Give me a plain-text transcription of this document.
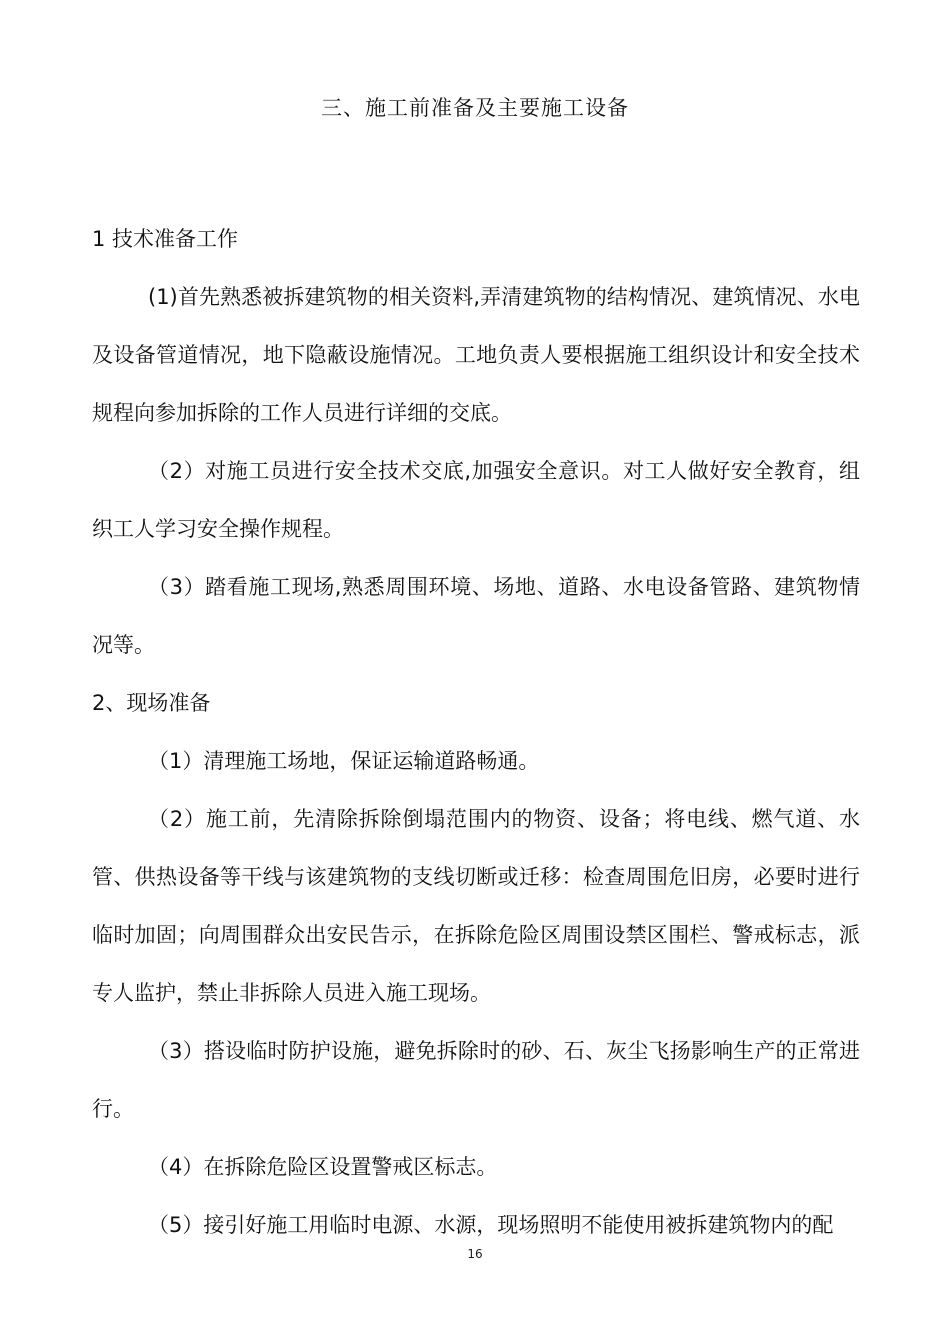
三、施工前准备及主要施工设备

1 技术准备工作

(1)首先熟悉被拆建筑物的相关资料,弄清建筑物的结构情况、建筑情况、水电及设备管道情况，地下隐蔽设施情况。工地负责人要根据施工组织设计和安全技术规程向参加拆除的工作人员进行详细的交底。

（2）对施工员进行安全技术交底,加强安全意识。对工人做好安全教育，组织工人学习安全操作规程。

（3）踏看施工现场,熟悉周围环境、场地、道路、水电设备管路、建筑物情况等。

2、现场准备

（1）清理施工场地，保证运输道路畅通。

（2）施工前，先清除拆除倒塌范围内的物资、设备；将电线、燃气道、水管、供热设备等干线与该建筑物的支线切断或迁移：检查周围危旧房，必要时进行临时加固；向周围群众出安民告示，在拆除危险区周围设禁区围栏、警戒标志，派专人监护，禁止非拆除人员进入施工现场。

（3）搭设临时防护设施，避免拆除时的砂、石、灰尘飞扬影响生产的正常进行。

（4）在拆除危险区设置警戒区标志。

（5）接引好施工用临时电源、水源，现场照明不能使用被拆建筑物内的配

16
